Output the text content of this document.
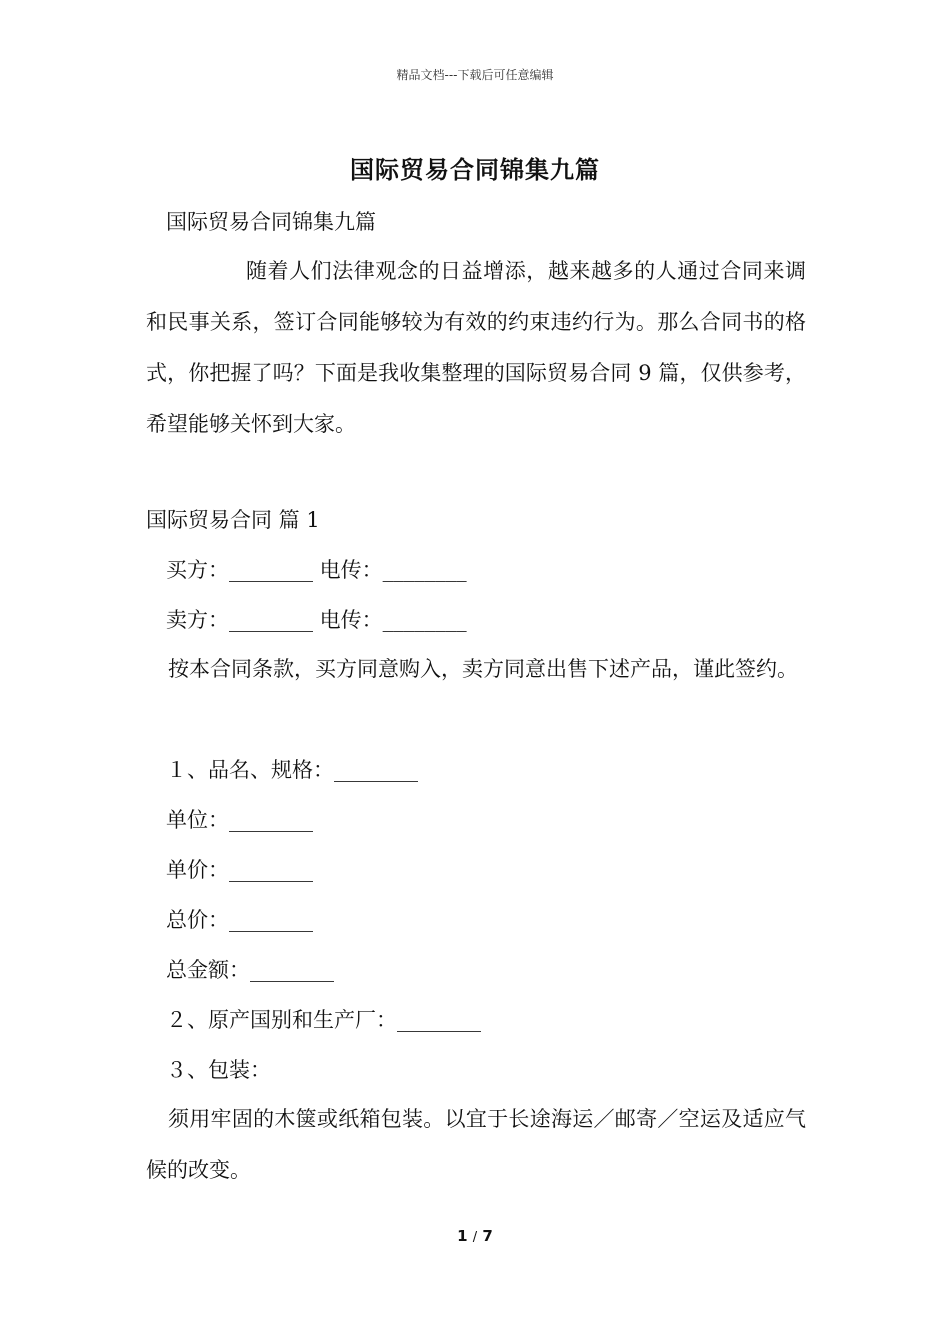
精品文档---下载后可任意编辑
国际贸易合同锦集九篇
国际贸易合同锦集九篇
随着人们法律观念的日益增添，越来越多的人通过合同来调和民事关系，签订合同能够较为有效的约束违约行为。那么合同书的格式，你把握了吗？下面是我收集整理的国际贸易合同 9 篇，仅供参考，希望能够关怀到大家。
国际贸易合同 篇 1
买方：________ 电传：________
卖方：________ 电传：________
按本合同条款，买方同意购入，卖方同意出售下述产品，谨此签约。
１、品名、规格：________
单位：________
单价：________
总价：________
总金额：________
２、原产国别和生产厂：________
３、包装：
须用牢固的木箧或纸箱包装。以宜于长途海运／邮寄／空运及适应气候的改变。
1 / 7
